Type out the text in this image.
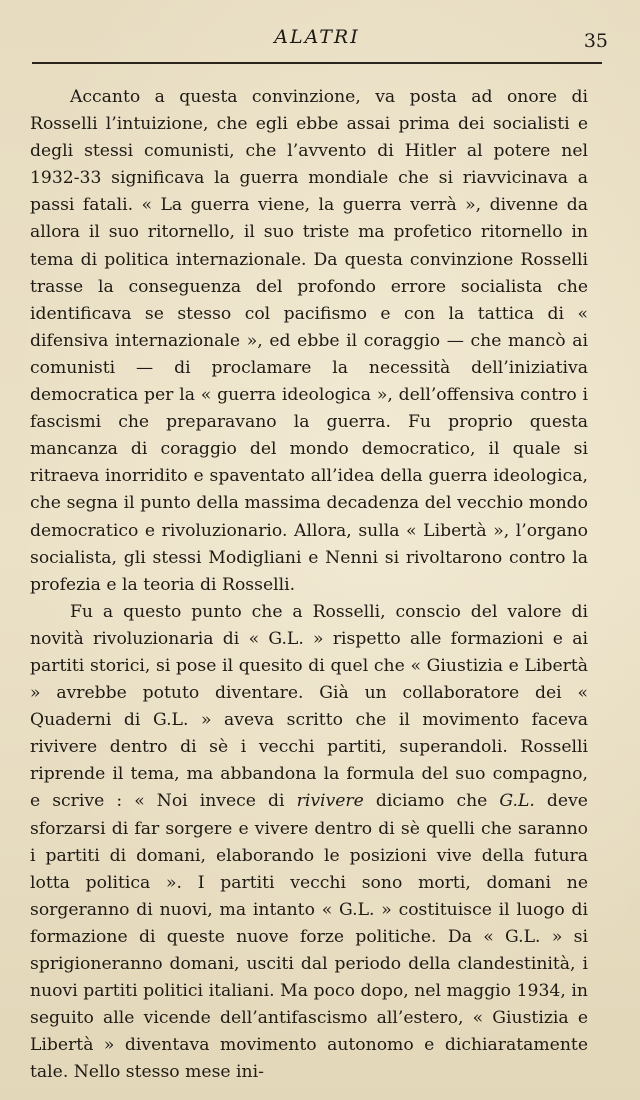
ALATRI	35

Accanto a questa convinzione, va posta ad onore di Rosselli l’intuizione, che egli ebbe assai prima dei socialisti e degli stessi comunisti, che l’avvento di Hitler al potere nel 1932-33 significava la guerra mondiale che si riavvicinava a passi fatali. « La guerra viene, la guerra verrà », divenne da allora il suo ritornello, il suo triste ma profetico ritornello in tema di politica internazionale. Da questa convinzione Rosselli trasse la conseguenza del profondo errore socialista che identificava se stesso col pacifismo e con la tattica di « difensiva internazionale », ed ebbe il coraggio — che mancò ai comunisti — di proclamare la necessità dell’iniziativa democratica per la « guerra ideologica », dell’offensiva contro i fascismi che preparavano la guerra. Fu proprio questa mancanza di coraggio del mondo democratico, il quale si ritraeva inorridito e spaventato all’idea della guerra ideologica, che segna il punto della massima decadenza del vecchio mondo democratico e rivoluzionario. Allora, sulla « Libertà », l’organo socialista, gli stessi Modigliani e Nenni si rivoltarono contro la profezia e la teoria di Rosselli.

Fu a questo punto che a Rosselli, conscio del valore di novità rivoluzionaria di « G.L. » rispetto alle formazioni e ai partiti storici, si pose il quesito di quel che « Giustizia e Libertà » avrebbe potuto diventare. Già un collaboratore dei « Quaderni di G.L. » aveva scritto che il movimento faceva rivivere dentro di sè i vecchi partiti, superandoli. Rosselli riprende il tema, ma abbandona la formula del suo compagno, e scrive : « Noi invece di rivivere diciamo che G.L. deve sforzarsi di far sorgere e vivere dentro di sè quelli che saranno i partiti di domani, elaborando le posizioni vive della futura lotta politica ». I partiti vecchi sono morti, domani ne sorgeranno di nuovi, ma intanto « G.L. » costituisce il luogo di formazione di queste nuove forze politiche. Da « G.L. » si sprigioneranno domani, usciti dal periodo della clandestinità, i nuovi partiti politici italiani. Ma poco dopo, nel maggio 1934, in seguito alle vicende dell’antifascismo all’estero, « Giustizia e Libertà » diventava movimento autonomo e dichiaratamente tale. Nello stesso mese ini-
